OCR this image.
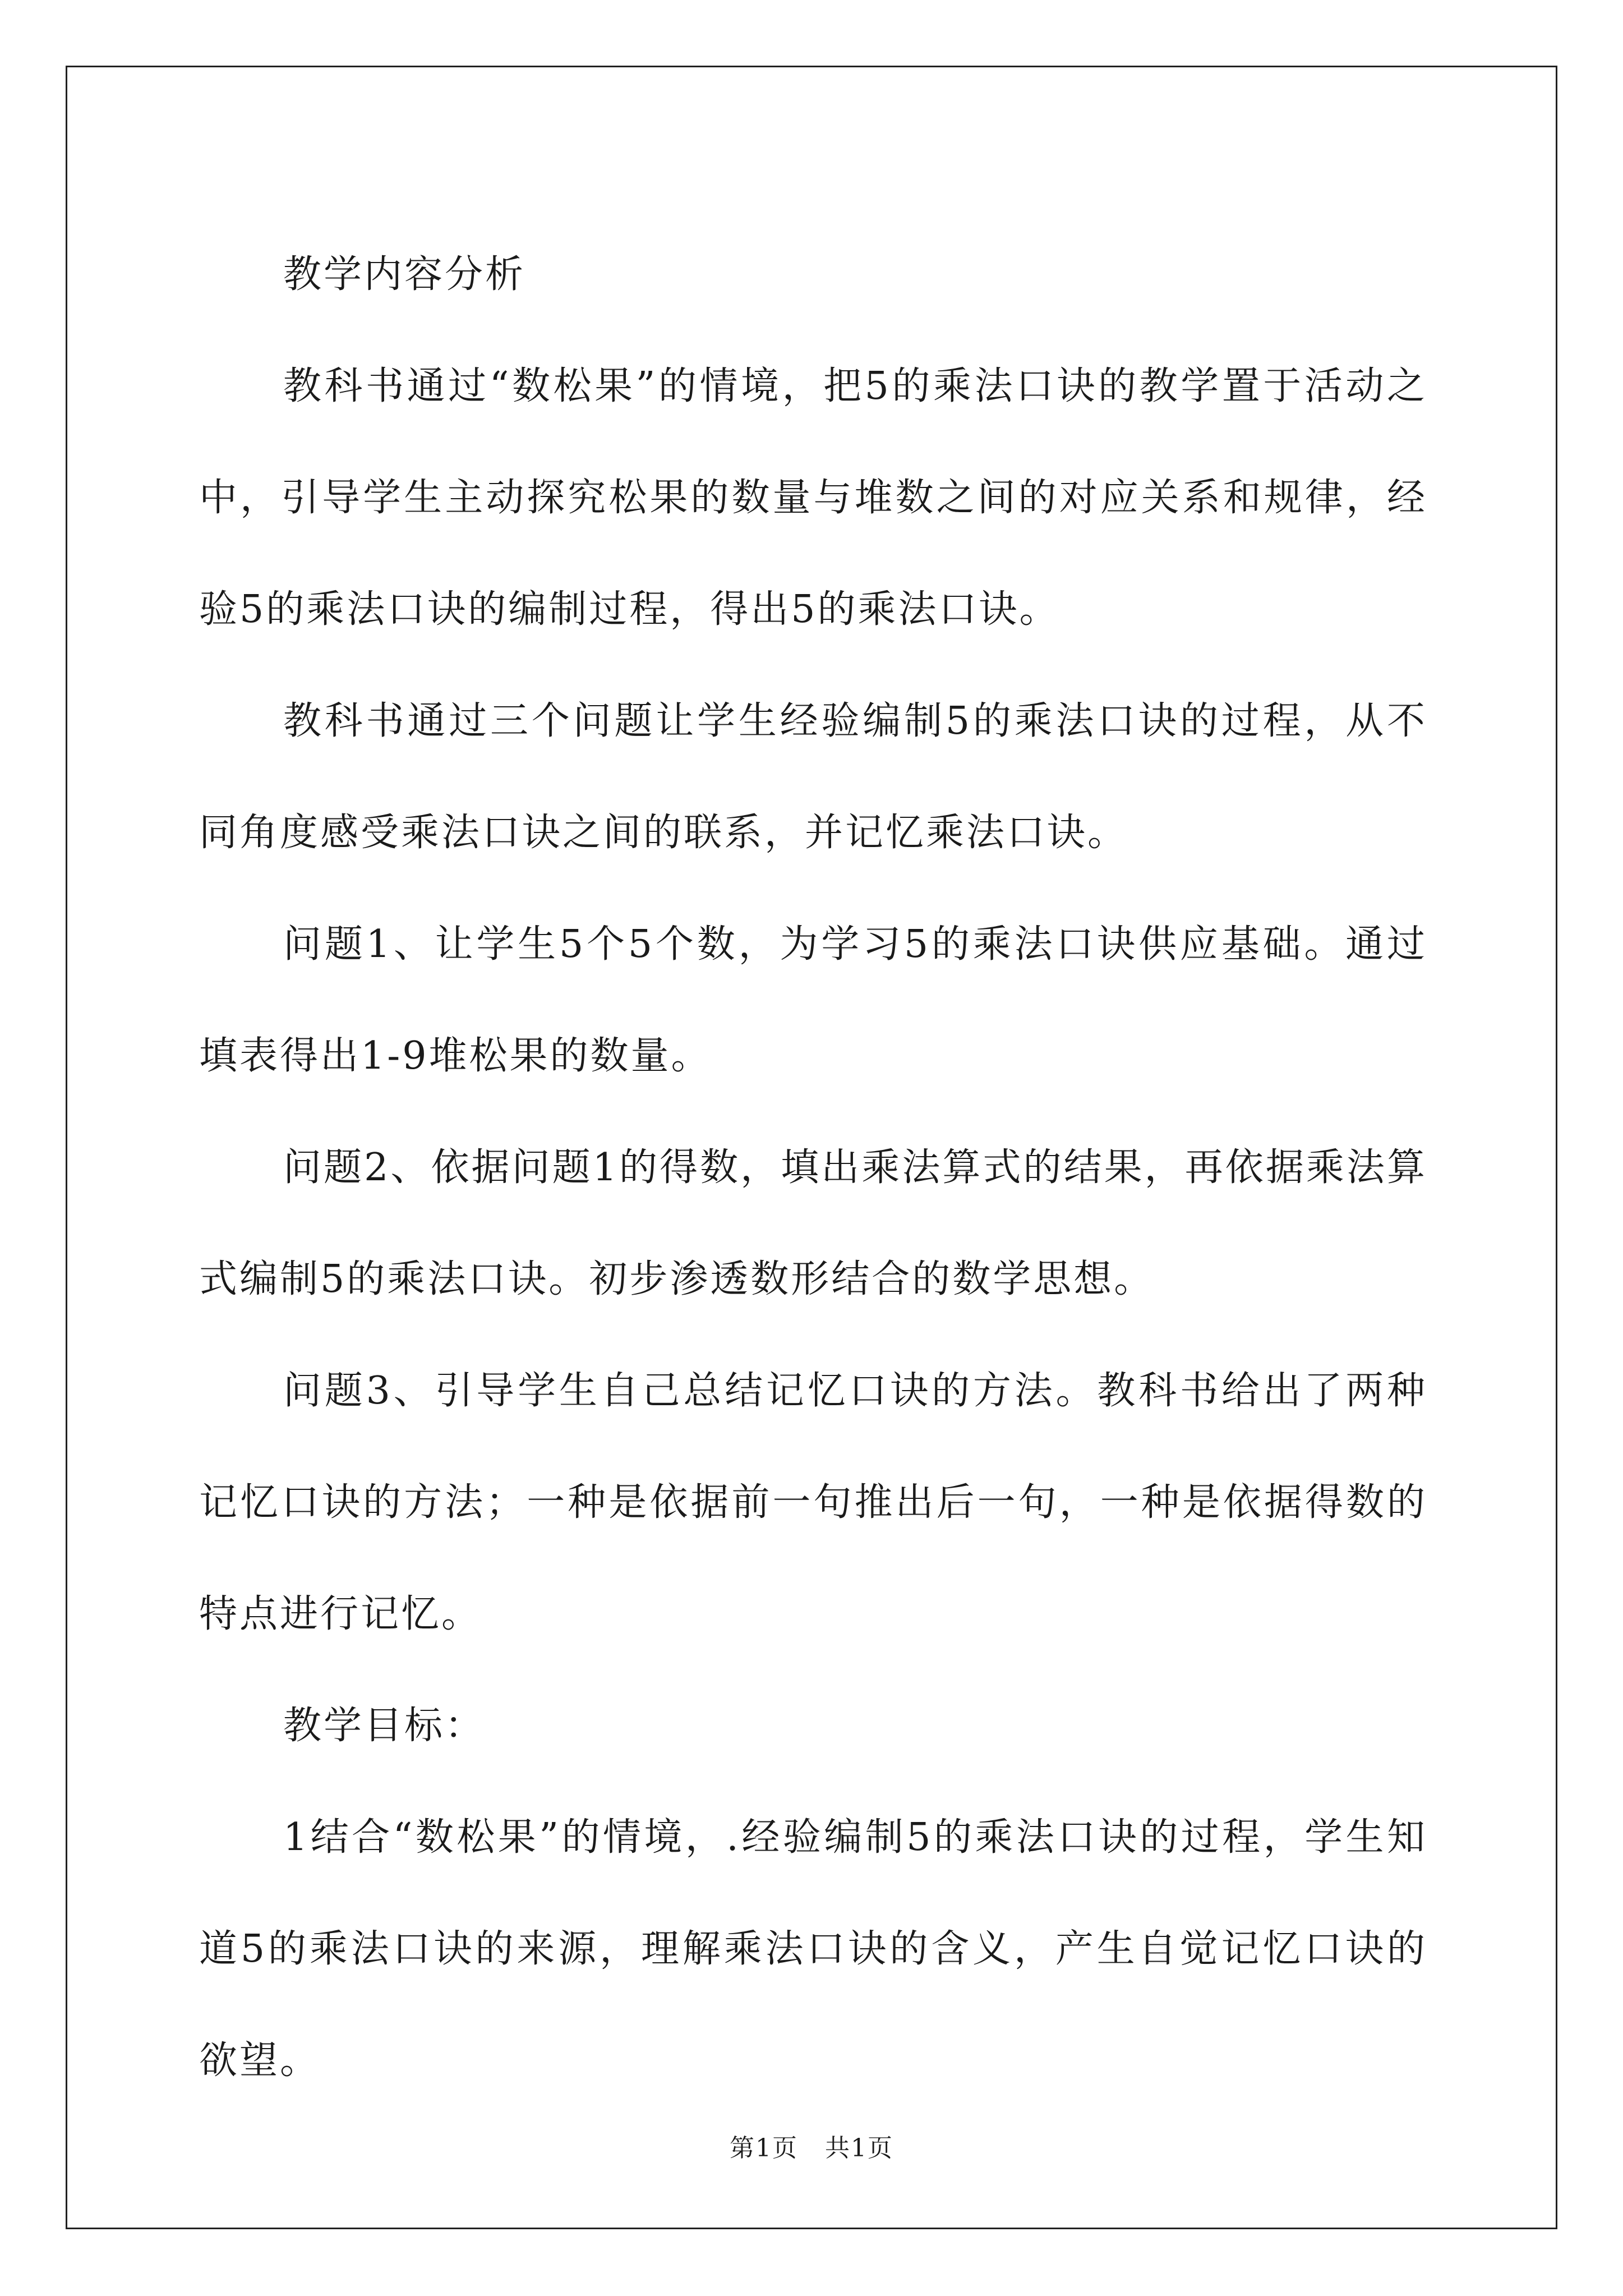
教学内容分析

教科书通过“数松果”的情境，把5的乘法口诀的教学置于活动之中，引导学生主动探究松果的数量与堆数之间的对应关系和规律，经验5的乘法口诀的编制过程，得出5的乘法口诀。

教科书通过三个问题让学生经验编制5的乘法口诀的过程，从不同角度感受乘法口诀之间的联系，并记忆乘法口诀。

问题1、让学生5个5个数，为学习5的乘法口诀供应基础。通过填表得出1-9堆松果的数量。

问题2、依据问题1的得数，填出乘法算式的结果，再依据乘法算式编制5的乘法口诀。初步渗透数形结合的数学思想。

问题3、引导学生自己总结记忆口诀的方法。教科书给出了两种记忆口诀的方法；一种是依据前一句推出后一句，一种是依据得数的特点进行记忆。

教学目标：

1结合“数松果”的情境，.经验编制5的乘法口诀的过程，学生知道5的乘法口诀的来源，理解乘法口诀的含义，产生自觉记忆口诀的欲望。

第1页 共1页
